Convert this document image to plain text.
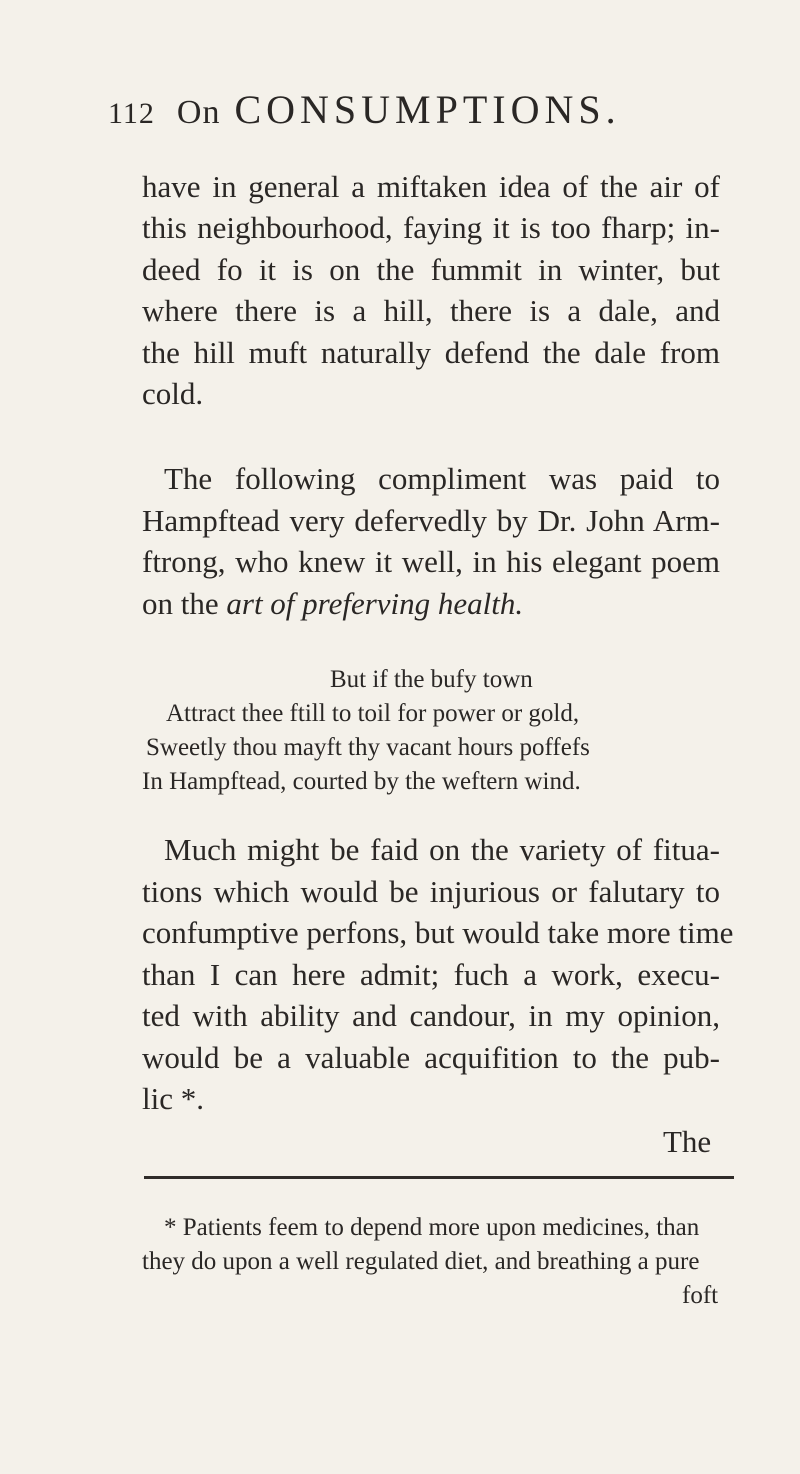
112 On CONSUMPTIONS.
have in general a miftaken idea of the air of
this neighbourhood, faying it is too fharp; in-
deed fo it is on the fummit in winter, but
where there is a hill, there is a dale, and
the hill muft naturally defend the dale from
cold.
The following compliment was paid to
Hampftead very defervedly by Dr. John Arm-
ftrong, who knew it well, in his elegant poem
on the art of preferving health.
But if the bufy town
Attract thee ftill to toil for power or gold,
Sweetly thou mayft thy vacant hours poffefs
In Hampftead, courted by the weftern wind.
Much might be faid on the variety of fitua-
tions which would be injurious or falutary to
confumptive perfons, but would take more time
than I can here admit; fuch a work, execu-
ted with ability and candour, in my opinion,
would be a valuable acquifition to the pub-
lic *.
The
* Patients feem to depend more upon medicines, than
they do upon a well regulated diet, and breathing a pure
foft
